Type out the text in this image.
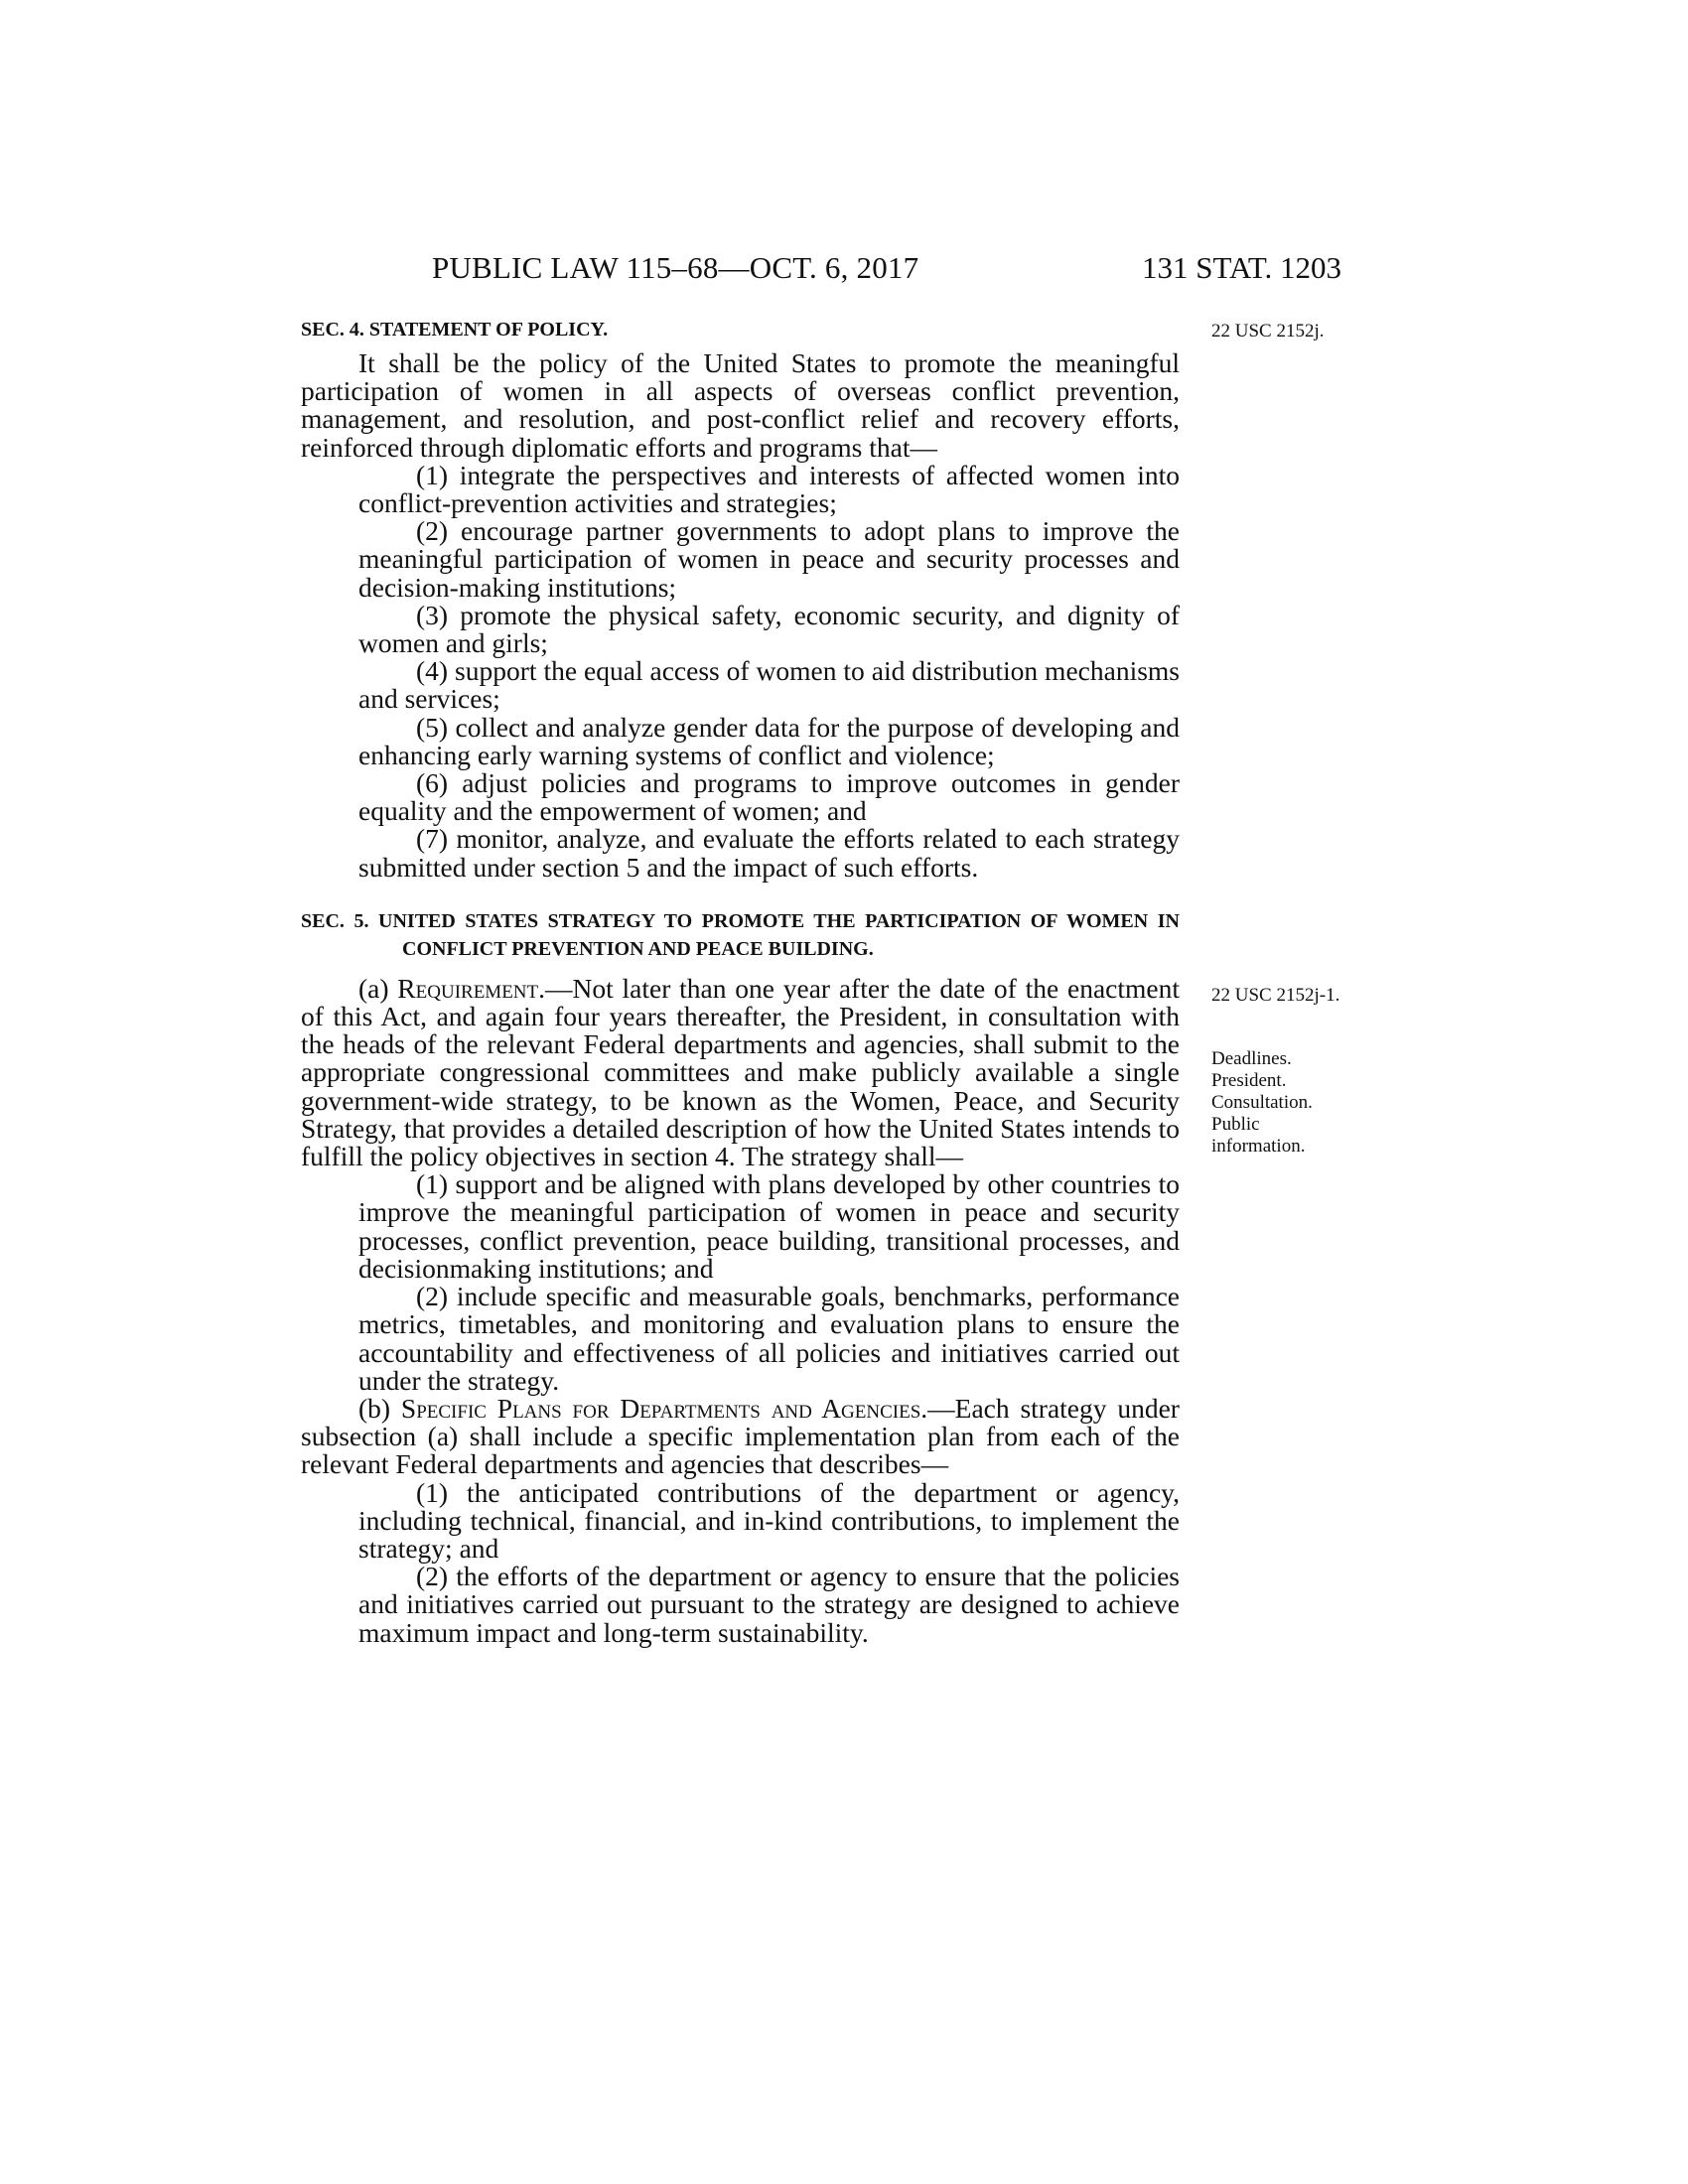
PUBLIC LAW 115–68—OCT. 6, 2017	131 STAT. 1203
22 USC 2152j.
22 USC 2152j-1.
Deadlines.
President.
Consultation.
Public
information.

SEC. 4. STATEMENT OF POLICY.

It shall be the policy of the United States to promote the meaningful participation of women in all aspects of overseas conflict prevention, management, and resolution, and post-conflict relief and recovery efforts, reinforced through diplomatic efforts and programs that—

(1) integrate the perspectives and interests of affected women into conflict-prevention activities and strategies;

(2) encourage partner governments to adopt plans to improve the meaningful participation of women in peace and security processes and decision-making institutions;

(3) promote the physical safety, economic security, and dignity of women and girls;

(4) support the equal access of women to aid distribution mechanisms and services;

(5) collect and analyze gender data for the purpose of developing and enhancing early warning systems of conflict and violence;

(6) adjust policies and programs to improve outcomes in gender equality and the empowerment of women; and

(7) monitor, analyze, and evaluate the efforts related to each strategy submitted under section 5 and the impact of such efforts.

SEC. 5. UNITED STATES STRATEGY TO PROMOTE THE PARTICIPATION OF WOMEN IN CONFLICT PREVENTION AND PEACE BUILDING.

(a) Requirement.—Not later than one year after the date of the enactment of this Act, and again four years thereafter, the President, in consultation with the heads of the relevant Federal departments and agencies, shall submit to the appropriate congressional committees and make publicly available a single government-wide strategy, to be known as the Women, Peace, and Security Strategy, that provides a detailed description of how the United States intends to fulfill the policy objectives in section 4. The strategy shall—

(1) support and be aligned with plans developed by other countries to improve the meaningful participation of women in peace and security processes, conflict prevention, peace building, transitional processes, and decisionmaking institutions; and

(2) include specific and measurable goals, benchmarks, performance metrics, timetables, and monitoring and evaluation plans to ensure the accountability and effectiveness of all policies and initiatives carried out under the strategy.

(b) Specific Plans for Departments and Agencies.—Each strategy under subsection (a) shall include a specific implementation plan from each of the relevant Federal departments and agencies that describes—

(1) the anticipated contributions of the department or agency, including technical, financial, and in-kind contributions, to implement the strategy; and

(2) the efforts of the department or agency to ensure that the policies and initiatives carried out pursuant to the strategy are designed to achieve maximum impact and long-term sustainability.
